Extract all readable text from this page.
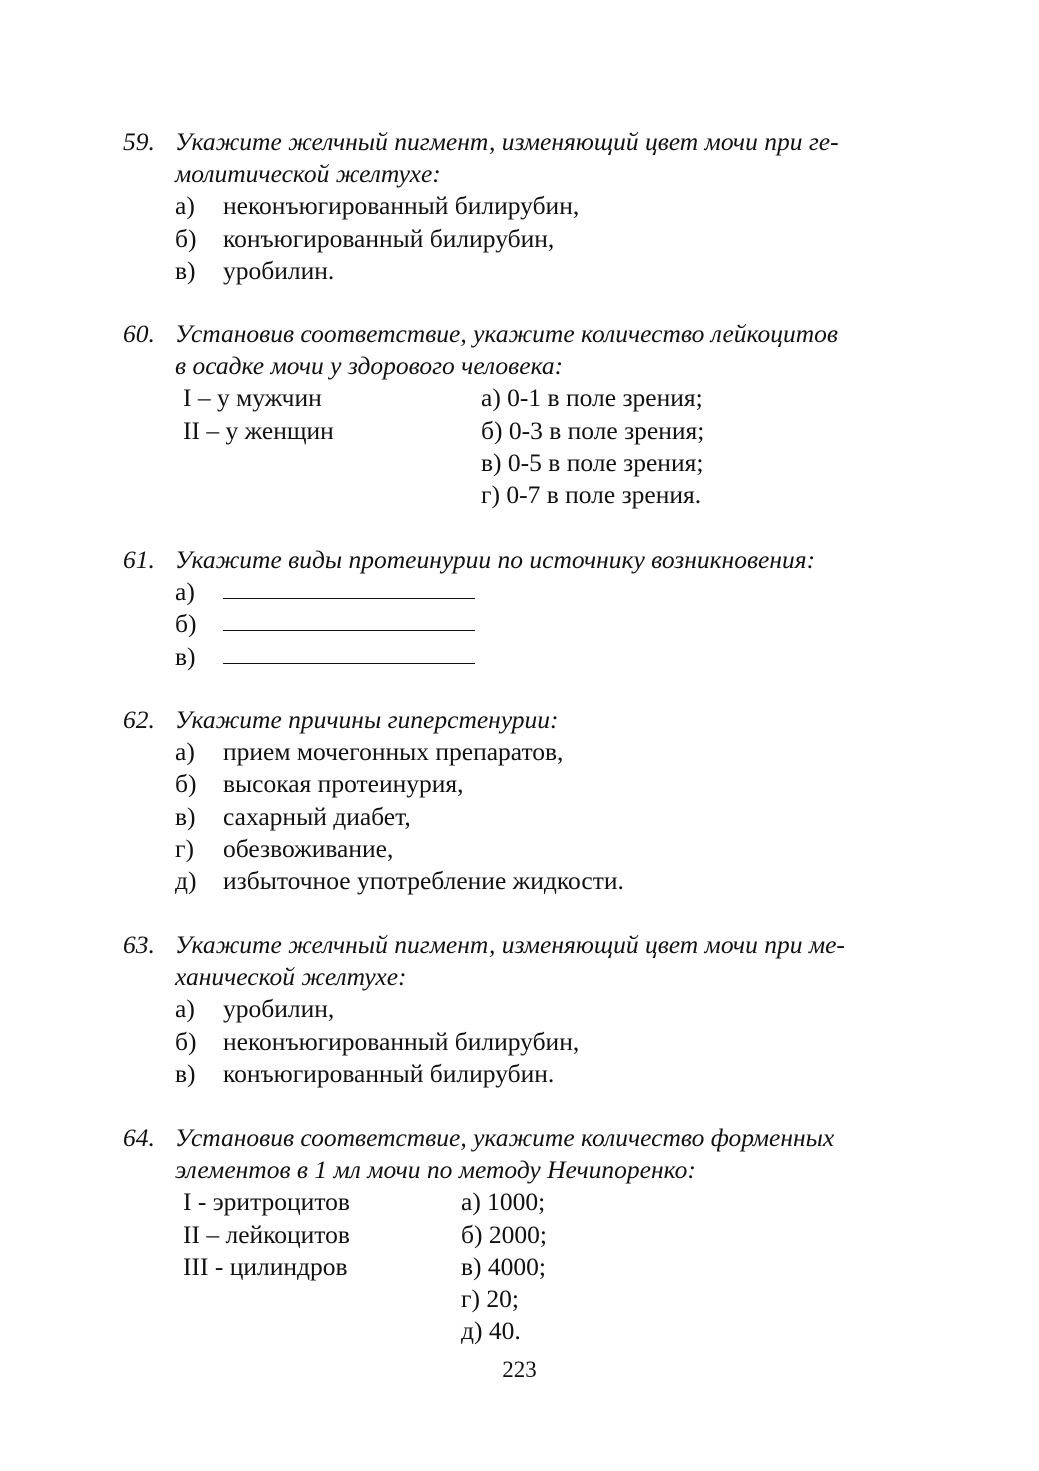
59. Укажите желчный пигмент, изменяющий цвет мочи при ге-
молитической желтухе:
а)	неконъюгированный билирубин,
б)	конъюгированный билирубин,
в)	уробилин.
60. Установив соответствие, укажите количество лейкоцитов
в осадке мочи у здорового человека:
I – у мужчин	а) 0-1 в поле зрения;
II – у женщин	б) 0-3 в поле зрения;
в) 0-5 в поле зрения;
г) 0-7 в поле зрения.
61. Укажите виды протеинурии по источнику возникновения:
а)
б)
в)
62. Укажите причины гиперстенурии:
а)	прием мочегонных препаратов,
б)	высокая протеинурия,
в)	сахарный диабет,
г)	обезвоживание,
д)	избыточное употребление жидкости.
63. Укажите желчный пигмент, изменяющий цвет мочи при ме-
ханической желтухе:
а)	уробилин,
б)	неконъюгированный билирубин,
в)	конъюгированный билирубин.
64. Установив соответствие, укажите количество форменных
элементов в 1 мл мочи по методу Нечипоренко:
I - эритроцитов	а) 1000;
II – лейкоцитов	б) 2000;
III - цилиндров	в) 4000;
г) 20;
д) 40.
223
